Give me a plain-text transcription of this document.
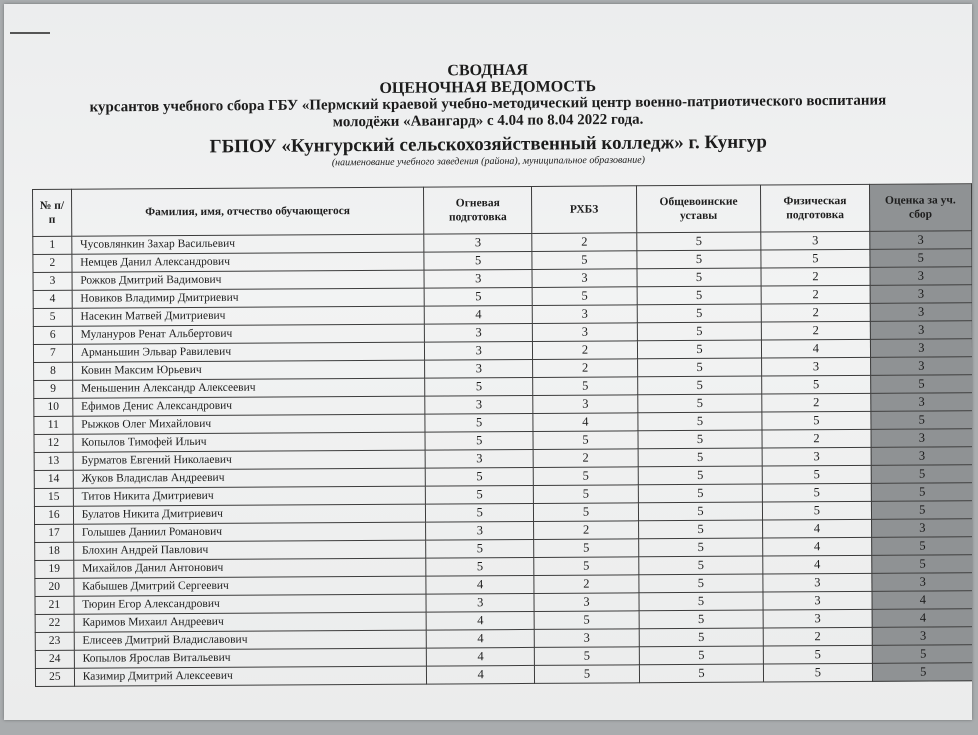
СВОДНАЯ
ОЦЕНОЧНАЯ ВЕДОМОСТЬ
курсантов учебного сбора ГБУ «Пермский краевой учебно-методический центр военно-патриотического воспитания молодёжи «Авангард» с 4.04 по 8.04 2022 года.
ГБПОУ «Кунгурский сельскохозяйственный колледж» г. Кунгур
(наименование учебного заведения (района), муниципальное образование)
№ п/п	Фамилия, имя, отчество обучающегося	Огневая подготовка	РХБЗ	Общевоинские уставы	Физическая подготовка	Оценка за уч. сбор
1	Чусовлянкин Захар Васильевич	3	2	5	3	3
2	Немцев Данил Александрович	5	5	5	5	5
3	Рожков Дмитрий Вадимович	3	3	5	2	3
4	Новиков Владимир Дмитриевич	5	5	5	2	3
5	Насекин Матвей Дмитриевич	4	3	5	2	3
6	Мулануров Ренат Альбертович	3	3	5	2	3
7	Арманьшин Эльвар Равилевич	3	2	5	4	3
8	Ковин Максим Юрьевич	3	2	5	3	3
9	Меньшенин Александр Алексеевич	5	5	5	5	5
10	Ефимов Денис Александрович	3	3	5	2	3
11	Рыжков Олег Михайлович	5	4	5	5	5
12	Копылов Тимофей Ильич	5	5	5	2	3
13	Бурматов Евгений Николаевич	3	2	5	3	3
14	Жуков Владислав Андреевич	5	5	5	5	5
15	Титов Никита Дмитриевич	5	5	5	5	5
16	Булатов Никита Дмитриевич	5	5	5	5	5
17	Голышев Даниил Романович	3	2	5	4	3
18	Блохин Андрей Павлович	5	5	5	4	5
19	Михайлов Данил Антонович	5	5	5	4	5
20	Кабышев Дмитрий Сергеевич	4	2	5	3	3
21	Тюрин Егор Александрович	3	3	5	3	4
22	Каримов Михаил Андреевич	4	5	5	3	4
23	Елисеев Дмитрий Владиславович	4	3	5	2	3
24	Копылов Ярослав Витальевич	4	5	5	5	5
25	Казимир Дмитрий Алексеевич	4	5	5	5	5
